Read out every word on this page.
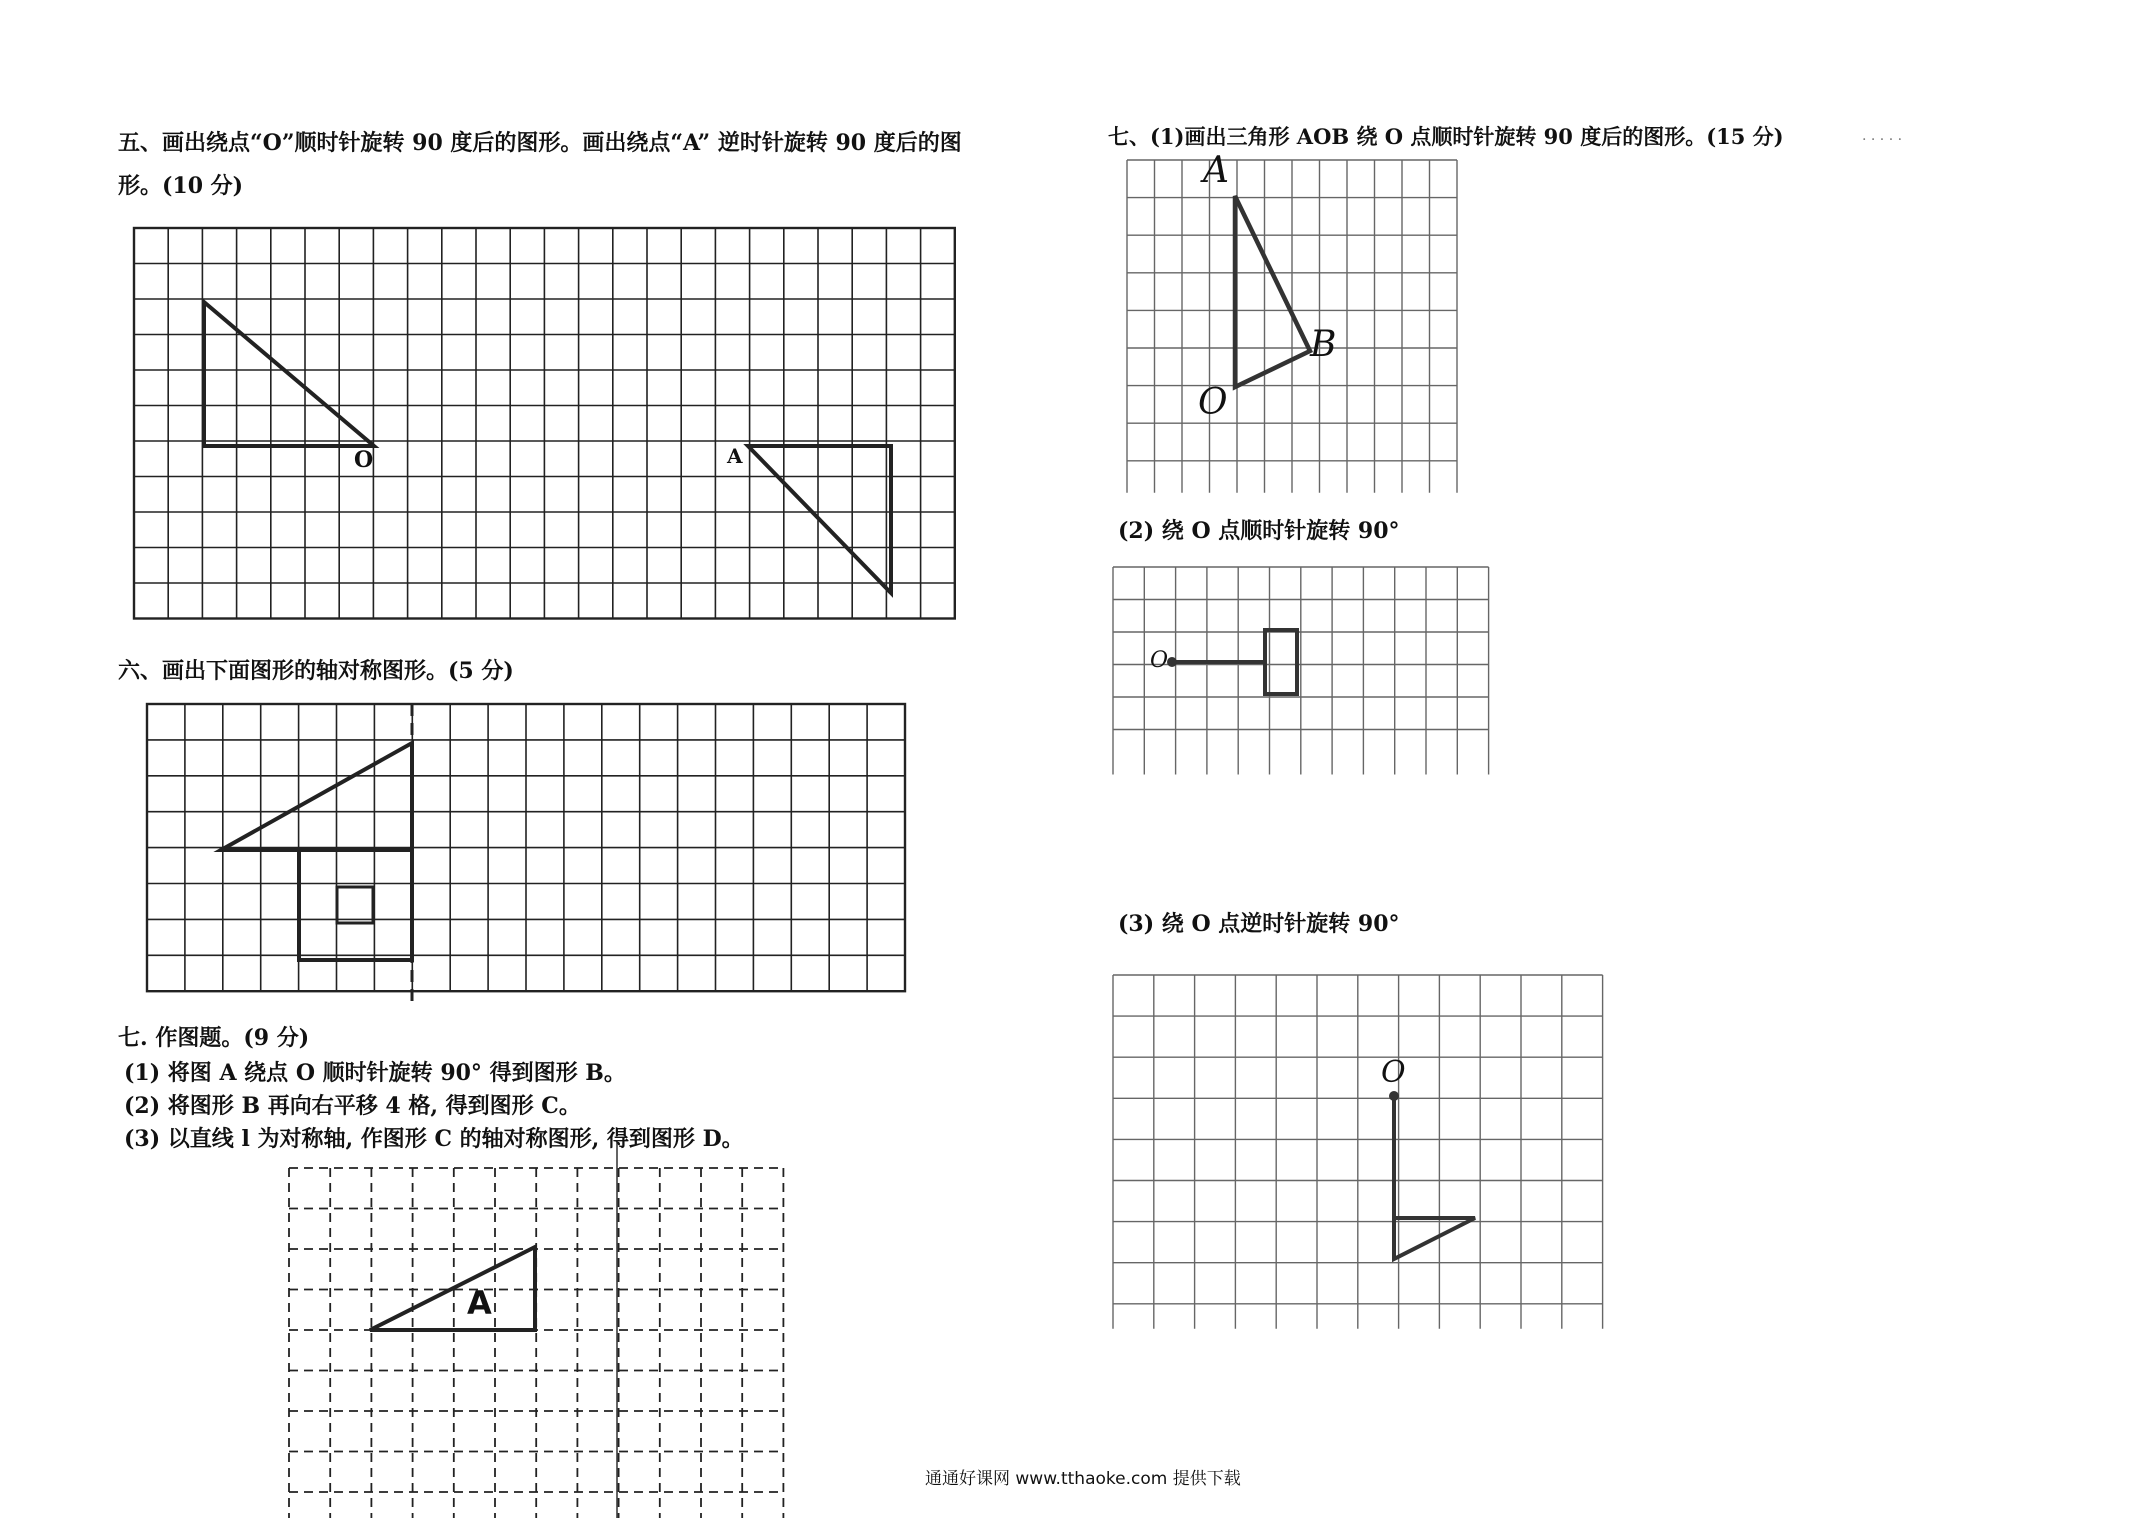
五、画出绕点“O”顺时针旋转 90 度后的图形。画出绕点“A” 逆时针旋转 90 度后的图
形。(10 分)
O	A
六、画出下面图形的轴对称图形。(5 分)
七. 作图题。(9 分)
(1) 将图 A 绕点 O 顺时针旋转 90° 得到图形 B。
(2) 将图形 B 再向右平移 4 格, 得到图形 C。
(3) 以直线 l 为对称轴, 作图形 C 的轴对称图形, 得到图形 D。
A
七、(1)画出三角形 AOB 绕 O 点顺时针旋转 90 度后的图形。(15 分)	. . . . .
A
B
O
(2) 绕 O 点顺时针旋转 90°
O
(3) 绕 O 点逆时针旋转 90°
O
通通好课网 www.tthaoke.com 提供下载
